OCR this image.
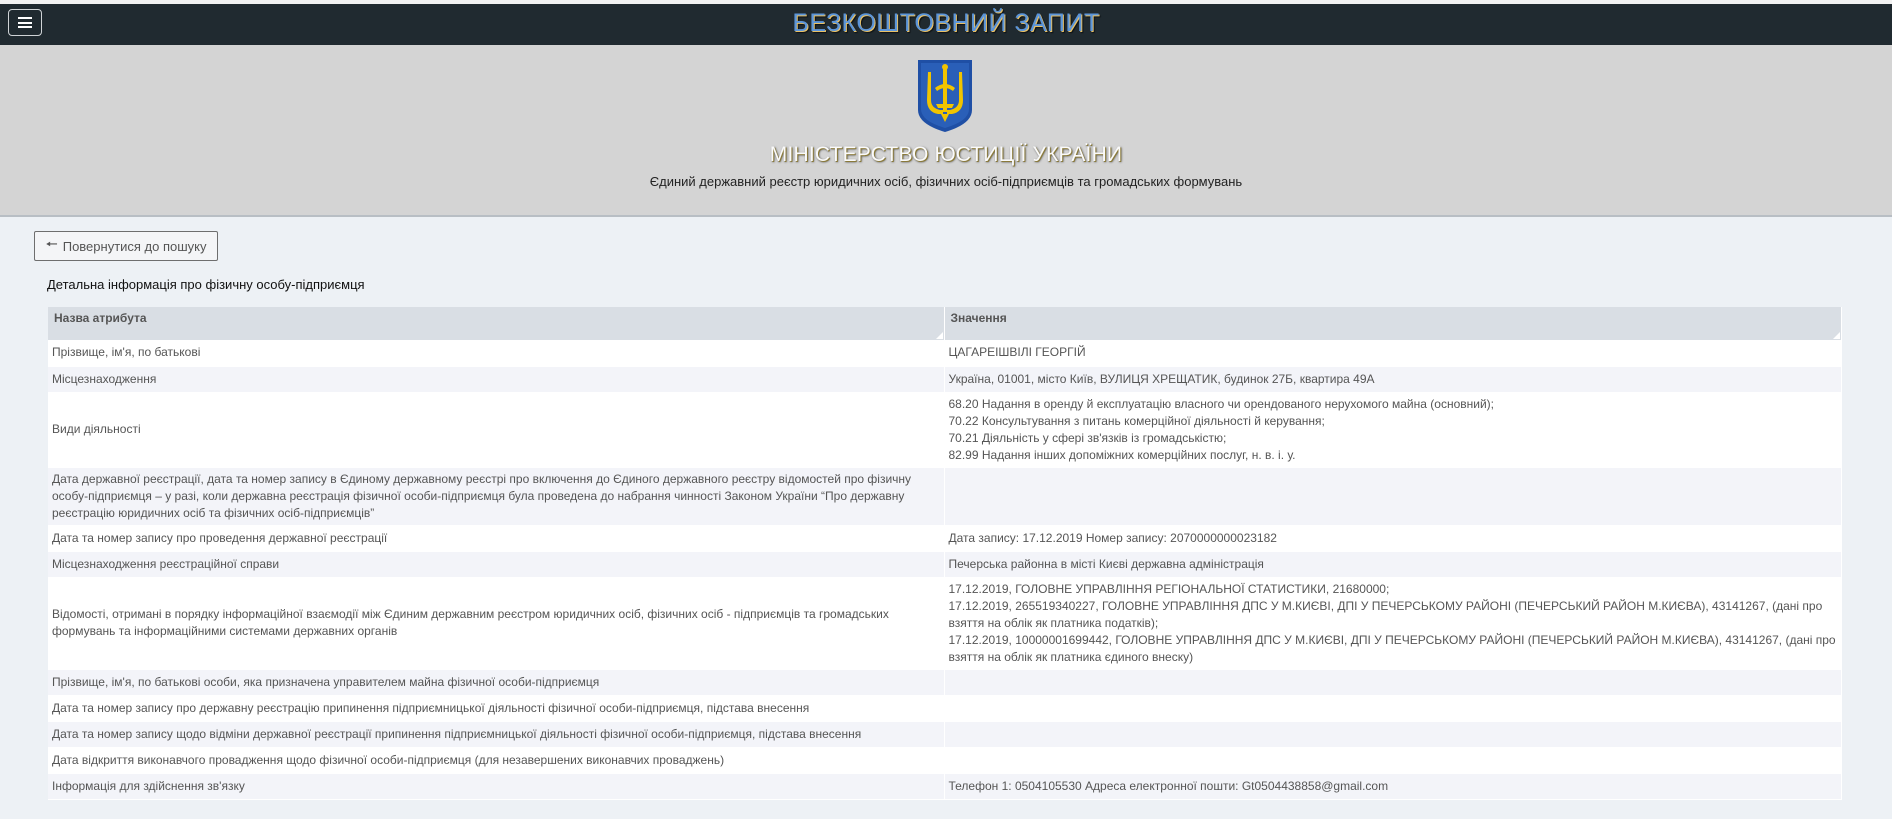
БЕЗКОШТОВНИЙ ЗАПИТ
МІНІСТЕРСТВО ЮСТИЦІЇ УКРАЇНИ
Єдиний державний реєстр юридичних осіб, фізичних осіб-підприємців та громадських формувань
🠔 Повернутися до пошуку
Детальна інформація про фізичну особу-підприємця
Назва атрибута	Значення

Прізвище, ім'я, по батькові	ЦАГАРЕІШВІЛІ ГЕОРГІЙ

Місцезнаходження	Україна, 01001, місто Київ, ВУЛИЦЯ ХРЕЩАТИК, будинок 27Б, квартира 49А

Види діяльності	68.20 Надання в оренду й експлуатацію власного чи орендованого нерухомого майна (основний);
70.22 Консультування з питань комерційної діяльності й керування;
70.21 Діяльність у сфері зв'язків із громадськістю;
82.99 Надання інших допоміжних комерційних послуг, н. в. і. у.

Дата державної реєстрації, дата та номер запису в Єдиному державному реєстрі про включення до Єдиного державного реєстру відомостей про фізичну особу-підприємця – у разі, коли державна реєстрація фізичної особи-підприємця була проведена до набрання чинності Законом України “Про державну реєстрацію юридичних осіб та фізичних осіб-підприємців”	
Дата та номер запису про проведення державної реєстрації	Дата запису: 17.12.2019 Номер запису: 2070000000023182

Місцезнаходження реєстраційної справи	Печерська районна в місті Києві державна адміністрація

Відомості, отримані в порядку інформаційної взаємодії між Єдиним державним реєстром юридичних осіб, фізичних осіб - підприємців та громадських формувань та інформаційними системами державних органів	17.12.2019, ГОЛОВНЕ УПРАВЛІННЯ РЕГІОНАЛЬНОЇ СТАТИСТИКИ, 21680000;
17.12.2019, 265519340227, ГОЛОВНЕ УПРАВЛІННЯ ДПС У М.КИЄВІ, ДПІ У ПЕЧЕРСЬКОМУ РАЙОНІ (ПЕЧЕРСЬКИЙ РАЙОН М.КИЄВА), 43141267, (дані про взяття на облік як платника податків);
17.12.2019, 10000001699442, ГОЛОВНЕ УПРАВЛІННЯ ДПС У М.КИЄВІ, ДПІ У ПЕЧЕРСЬКОМУ РАЙОНІ (ПЕЧЕРСЬКИЙ РАЙОН М.КИЄВА), 43141267, (дані про взяття на облік як платника єдиного внеску)

Прізвище, ім'я, по батькові особи, яка призначена управителем майна фізичної особи-підприємця	
Дата та номер запису про державну реєстрацію припинення підприємницької діяльності фізичної особи-підприємця, підстава внесення	
Дата та номер запису щодо відміни державної реєстрації припинення підприємницької діяльності фізичної особи-підприємця, підстава внесення	
Дата відкриття виконавчого провадження щодо фізичної особи-підприємця (для незавершених виконавчих проваджень)	
Інформація для здійснення зв'язку	Телефон 1: 0504105530 Адреса електронної пошти: Gt0504438858@gmail.com
